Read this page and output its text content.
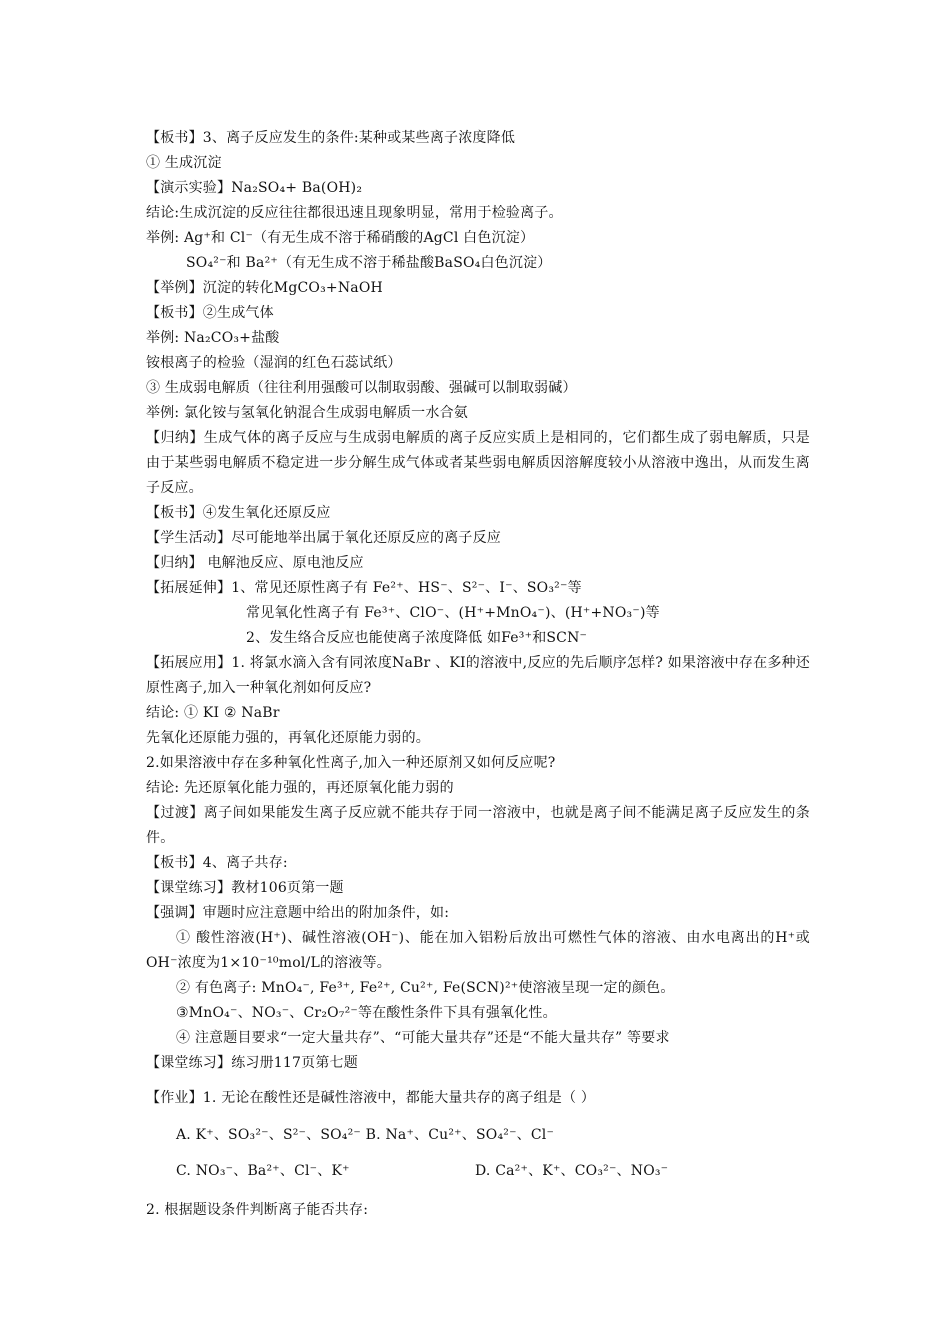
【板书】3、离子反应发生的条件:某种或某些离子浓度降低
① 生成沉淀
【演示实验】Na₂SO₄+ Ba(OH)₂
结论:生成沉淀的反应往往都很迅速且现象明显，常用于检验离子。
举例: Ag⁺和 Cl⁻（有无生成不溶于稀硝酸的AgCl 白色沉淀）
SO₄²⁻和 Ba²⁺（有无生成不溶于稀盐酸BaSO₄白色沉淀）
【举例】沉淀的转化MgCO₃+NaOH
【板书】②生成气体
举例: Na₂CO₃+盐酸
铵根离子的检验（湿润的红色石蕊试纸）
③ 生成弱电解质（往往利用强酸可以制取弱酸、强碱可以制取弱碱）
举例: 氯化铵与氢氧化钠混合生成弱电解质一水合氨
【归纳】生成气体的离子反应与生成弱电解质的离子反应实质上是相同的，它们都生成了弱电解质，只是由于某些弱电解质不稳定进一步分解生成气体或者某些弱电解质因溶解度较小从溶液中逸出，从而发生离子反应。
【板书】④发生氧化还原反应
【学生活动】尽可能地举出属于氧化还原反应的离子反应
【归纳】 电解池反应、原电池反应
【拓展延伸】1、常见还原性离子有 Fe²⁺、HS⁻、S²⁻、I⁻、SO₃²⁻等
常见氧化性离子有 Fe³⁺、ClO⁻、(H⁺+MnO₄⁻)、(H⁺+NO₃⁻)等
2、发生络合反应也能使离子浓度降低 如Fe³⁺和SCN⁻
【拓展应用】1. 将氯水滴入含有同浓度NaBr 、KI的溶液中,反应的先后顺序怎样? 如果溶液中存在多种还原性离子,加入一种氧化剂如何反应?
结论: ① KI ② NaBr
先氧化还原能力强的，再氧化还原能力弱的。
2.如果溶液中存在多种氧化性离子,加入一种还原剂又如何反应呢?
结论: 先还原氧化能力强的，再还原氧化能力弱的
【过渡】离子间如果能发生离子反应就不能共存于同一溶液中，也就是离子间不能满足离子反应发生的条件。
【板书】4、离子共存:
【课堂练习】教材106页第一题
【强调】审题时应注意题中给出的附加条件，如:
① 酸性溶液(H⁺)、碱性溶液(OH⁻)、能在加入铝粉后放出可燃性气体的溶液、由水电离出的H⁺或OH⁻浓度为1×10⁻¹⁰mol/L的溶液等。
② 有色离子: MnO₄⁻, Fe³⁺, Fe²⁺, Cu²⁺, Fe(SCN)²⁺使溶液呈现一定的颜色。
③MnO₄⁻、NO₃⁻、Cr₂O₇²⁻等在酸性条件下具有强氧化性。
④ 注意题目要求“一定大量共存”、“可能大量共存”还是“不能大量共存” 等要求
【课堂练习】练习册117页第七题
【作业】1. 无论在酸性还是碱性溶液中，都能大量共存的离子组是（ ）
A. K⁺、SO₃²⁻、S²⁻、SO₄²⁻ B. Na⁺、Cu²⁺、SO₄²⁻、Cl⁻
C. NO₃⁻、Ba²⁺、Cl⁻、K⁺	D. Ca²⁺、K⁺、CO₃²⁻、NO₃⁻
2. 根据题设条件判断离子能否共存:
